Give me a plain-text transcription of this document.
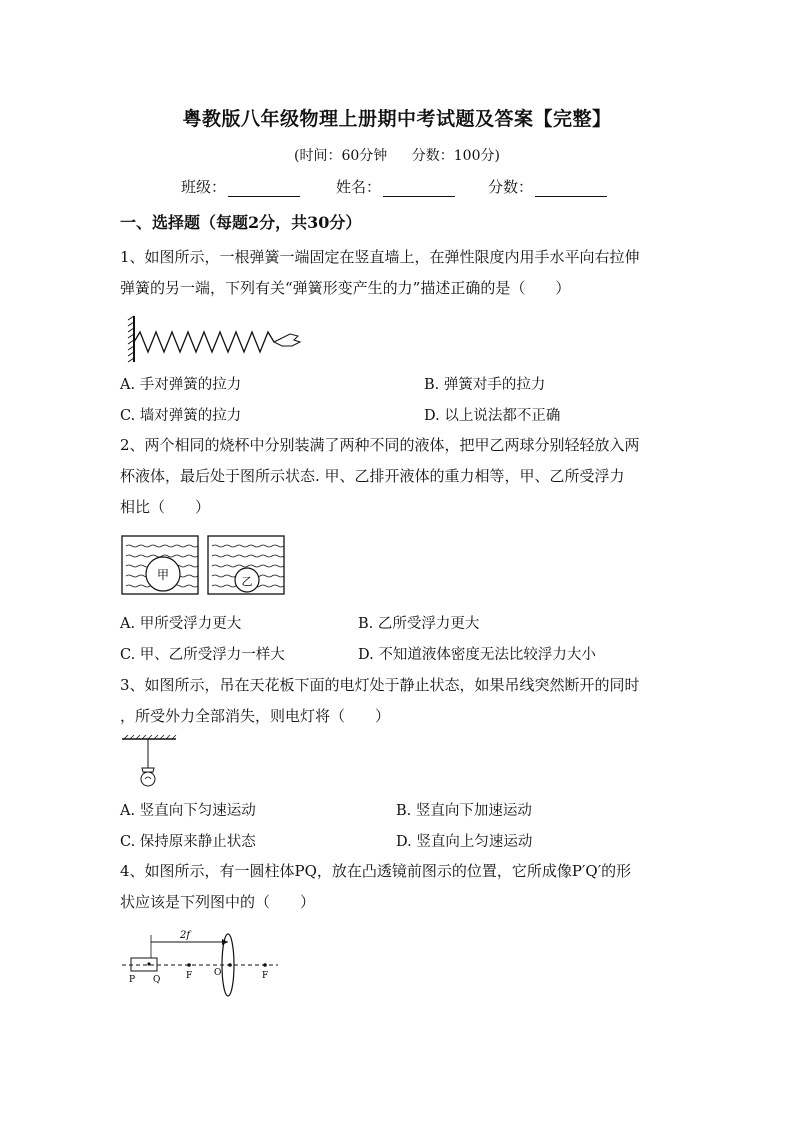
粤教版八年级物理上册期中考试题及答案【完整】
(时间：60分钟 分数：100分)
班级：	姓名：	分数：
一、选择题（每题2分，共30分）
1、如图所示，一根弹簧一端固定在竖直墙上，在弹性限度内用手水平向右拉伸
弹簧的另一端，下列有关“弹簧形变产生的力”描述正确的是（　　）
A. 手对弹簧的拉力	B. 弹簧对手的拉力
C. 墙对弹簧的拉力	D. 以上说法都不正确
2、两个相同的烧杯中分别装满了两种不同的液体，把甲乙两球分别轻轻放入两
杯液体，最后处于图所示状态. 甲、乙排开液体的重力相等，甲、乙所受浮力
相比（　　）
甲	乙
A. 甲所受浮力更大	B. 乙所受浮力更大
C. 甲、乙所受浮力一样大	D. 不知道液体密度无法比较浮力大小
3、如图所示，吊在天花板下面的电灯处于静止状态，如果吊线突然断开的同时
，所受外力全部消失，则电灯将（　　）
A. 竖直向下匀速运动	B. 竖直向下加速运动
C. 保持原来静止状态	D. 竖直向上匀速运动
4、如图所示，有一圆柱体PQ，放在凸透镜前图示的位置，它所成像P′Q′的形
状应该是下列图中的（　　）
2f
P Q	F O	F
